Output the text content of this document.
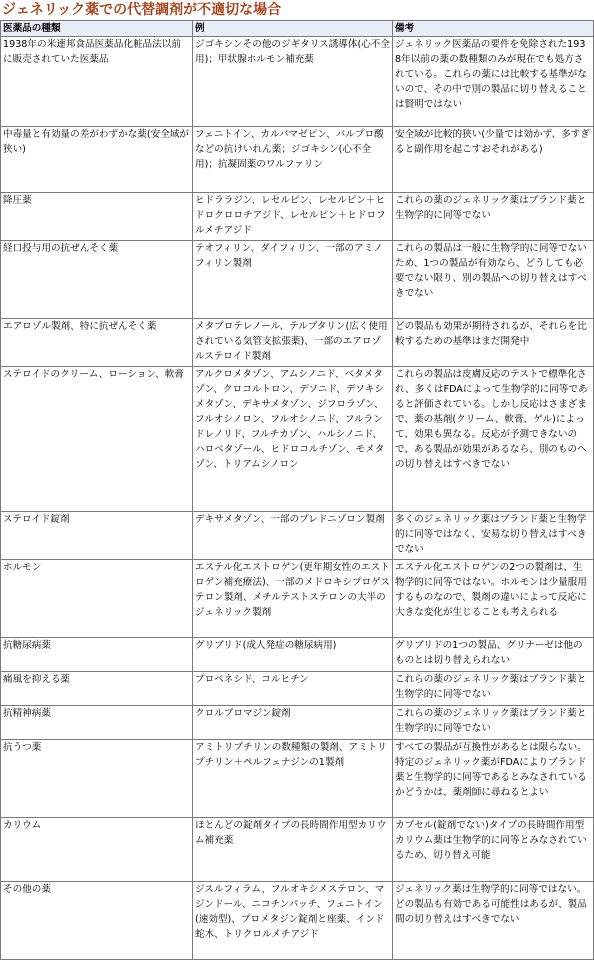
ジェネリック薬での代替調剤が不適切な場合
医薬品の種類	例	備考
1938年の米連邦食品医薬品化粧品法以前に販売されていた医薬品	ジゴキシンその他のジギタリス誘導体(心不全用)；甲状腺ホルモン補充薬	ジェネリック医薬品の要件を免除された1938年以前の薬の数種類のみが現在でも処方されている。これらの薬には比較する基準がないので、その中で別の製品に切り替えることは賢明ではない
中毒量と有効量の差がわずかな薬(安全域が狭い)	フェニトイン、カルバマゼピン、バルプロ酸などの抗けいれん薬；ジゴキシン(心不全用)；抗凝固薬のワルファリン	安全域が比較的狭い(少量では効かず、多すぎると副作用を起こすおそれがある)
降圧薬	ヒドララジン、レセルピン、レセルピン＋ヒドロクロロチアジド、レセルピン＋ヒドロフルメチアジド	これらの薬のジェネリック薬はブランド薬と生物学的に同等でない
経口投与用の抗ぜんそく薬	テオフィリン、ダイフィリン、一部のアミノフィリン製剤	これらの製品は一般に生物学的に同等でないため、1つの製品が有効なら、どうしても必要でない限り、別の製品への切り替えはすべきでない
エアロゾル製剤、特に抗ぜんそく薬	メタプロテレノール、テルブタリン(広く使用されている気管支拡張薬)、一部のエアロゾルステロイド製剤	どの製品も効果が期待されるが、それらを比較するための基準はまだ開発中
ステロイドのクリーム、ローション、軟膏	アルクロメタゾン、アムシノニド、ベタメタゾン、クロコルトロン、デソニド、デソキシメタゾン、デキサメタゾン、ジフロラゾン、フルオシノロン、フルオシノニド、フルランドレノリド、フルチカゾン、ハルシノニド、ハロベタゾール、ヒドロコルチゾン、モメタゾン、トリアムシノロン	これらの製品は皮膚反応のテストで標準化され、多くはFDAによって生物学的に同等であると評価されている。しかし反応はさまざまで、薬の基剤(クリーム、軟膏、ゲル)によって、効果も異なる。反応が予測できないので、ある製品が効果があるなら、別のものへの切り替えはすべきでない
ステロイド錠剤	デキサメタゾン、一部のプレドニゾロン製剤	多くのジェネリック薬はブランド薬と生物学的に同等ではなく、安易な切り替えはすべきでない
ホルモン	エステル化エストロゲン(更年期女性のエストロゲン補充療法)、一部のメドロキシプロゲステロン製剤、メチルテストステロンの大半のジェネリック製剤	エステル化エストロゲンの2つの製剤は、生物学的に同等ではない。ホルモンは少量服用するものなので、製剤の違いによって反応に大きな変化が生じることも考えられる
抗糖尿病薬	グリブリド(成人発症の糖尿病用)	グリブリドの1つの製品、グリナーゼは他のものとは切り替えられない
痛風を抑える薬	プロベネシド、コルヒチン	これらの薬のジェネリック薬はブランド薬と生物学的に同等でない
抗精神病薬	クロルプロマジン錠剤	これらの薬のジェネリック薬はブランド薬と生物学的に同等でない
抗うつ薬	アミトリプチリンの数種類の製剤、アミトリプチリン＋ペルフェナジンの1製剤	すべての製品が互換性があるとは限らない。特定のジェネリック薬がFDAによりブランド薬と生物学的に同等であるとみなされているかどうかは、薬剤師に尋ねるとよい
カリウム	ほとんどの錠剤タイプの長時間作用型カリウム補充薬	カプセル(錠剤でない)タイプの長時間作用型カリウム薬は生物学的に同等とみなされているため、切り替え可能
その他の薬	ジスルフィラム、フルオキシメステロン、マジンドール、ニコチンパッチ、フェニトイン(速効型)、プロメタジン錠剤と座薬、インド蛇木、トリクロルメチアジド	ジェネリック薬は生物学的に同等ではない。どの製品も有効である可能性はあるが、製品間の切り替えはすべきでない
